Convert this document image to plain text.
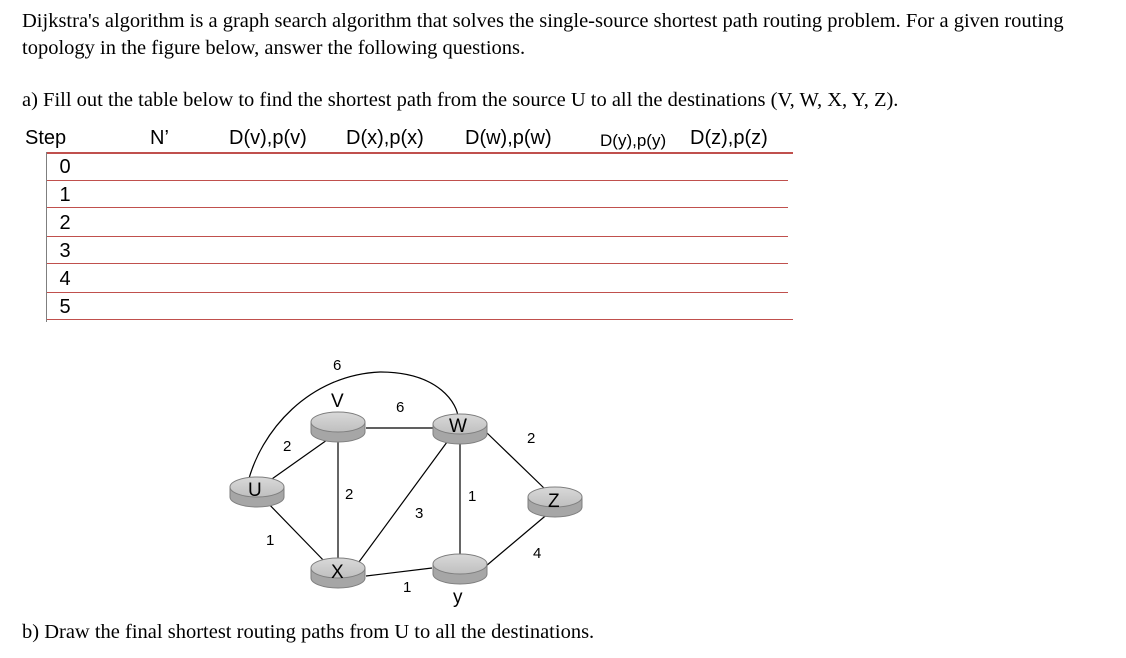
Dijkstra's algorithm is a graph search algorithm that solves the single-source shortest path routing problem. For a given routing topology in the figure below, answer the following questions.
a) Fill out the table below to find the shortest path from the source U to all the destinations (V, W, X, Y, Z).
Step	N’	D(v),p(v) D(x),p(x) D(w),p(w)	D(y),p(y) D(z),p(z)
0
1
2
3
4
5
6
2
1
6
2
3
1
1
2
4
V
W
U
Z
X
y
b) Draw the final shortest routing paths from U to all the destinations.
